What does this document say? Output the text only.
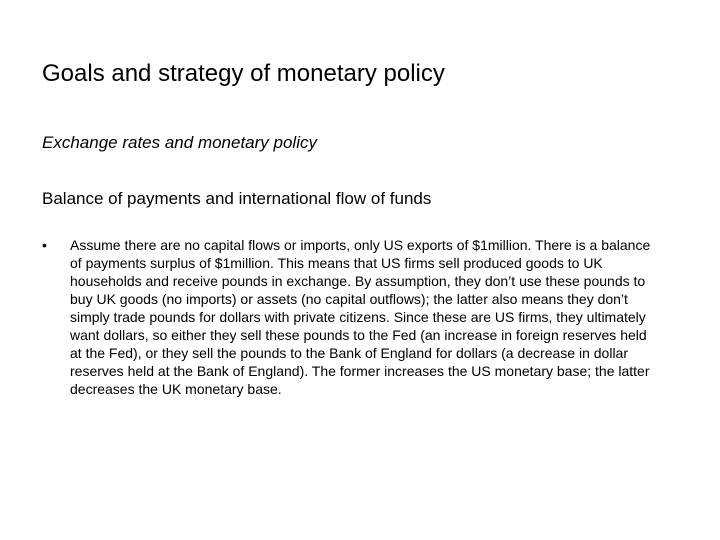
Goals and strategy of monetary policy
Exchange rates and monetary policy
Balance of payments and international flow of funds
• Assume there are no capital flows or imports, only US exports of $1million. There is a balance of payments surplus of $1million. This means that US firms sell produced goods to UK households and receive pounds in exchange. By assumption, they don’t use these pounds to buy UK goods (no imports) or assets (no capital outflows); the latter also means they don’t simply trade pounds for dollars with private citizens. Since these are US firms, they ultimately want dollars, so either they sell these pounds to the Fed (an increase in foreign reserves held at the Fed), or they sell the pounds to the Bank of England for dollars (a decrease in dollar reserves held at the Bank of England). The former increases the US monetary base; the latter decreases the UK monetary base.
